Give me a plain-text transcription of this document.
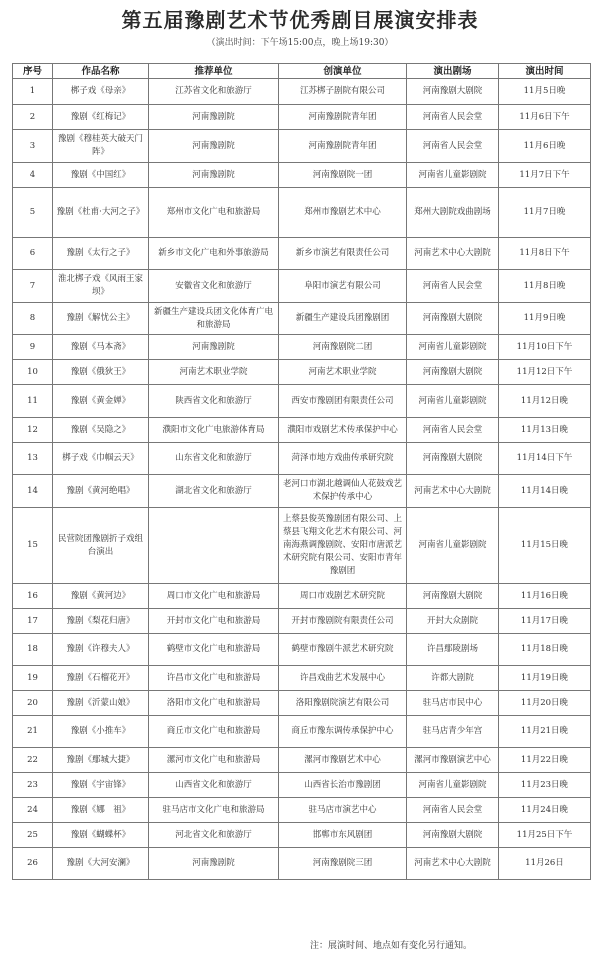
第五届豫剧艺术节优秀剧目展演安排表
（演出时间：下午场15:00点，晚上场19:30）
序号	作品名称	推荐单位	创演单位	演出剧场	演出时间
1	梆子戏《母亲》	江苏省文化和旅游厅	江苏梆子剧院有限公司	河南豫剧大剧院	11月5日晚
2	豫剧《红梅记》	河南豫剧院	河南豫剧院青年团	河南省人民会堂	11月6日下午
3	豫剧《穆桂英大破天门阵》	河南豫剧院	河南豫剧院青年团	河南省人民会堂	11月6日晚
4	豫剧《中国红》	河南豫剧院	河南豫剧院一团	河南省儿童影剧院	11月7日下午
5	豫剧《杜甫·大河之子》	郑州市文化广电和旅游局	郑州市豫剧艺术中心	郑州大剧院戏曲剧场	11月7日晚
6	豫剧《太行之子》	新乡市文化广电和外事旅游局	新乡市演艺有限责任公司	河南艺术中心大剧院	11月8日下午
7	淮北梆子戏《风雨王家坝》	安徽省文化和旅游厅	阜阳市演艺有限公司	河南省人民会堂	11月8日晚
8	豫剧《解忧公主》	新疆生产建设兵团文化体育广电和旅游局	新疆生产建设兵团豫剧团	河南豫剧大剧院	11月9日晚
9	豫剧《马本斋》	河南豫剧院	河南豫剧院二团	河南省儿童影剧院	11月10日下午
10	豫剧《俄狄王》	河南艺术职业学院	河南艺术职业学院	河南豫剧大剧院	11月12日下午
11	豫剧《黄金婵》	陕西省文化和旅游厅	西安市豫剧团有限责任公司	河南省儿童影剧院	11月12日晚
12	豫剧《吴隐之》	濮阳市文化广电旅游体育局	濮阳市戏剧艺术传承保护中心	河南省人民会堂	11月13日晚
13	梆子戏《巾帼云天》	山东省文化和旅游厅	菏泽市地方戏曲传承研究院	河南豫剧大剧院	11月14日下午
14	豫剧《黄河绝唱》	湖北省文化和旅游厅	老河口市湖北越调仙人花鼓戏艺术保护传承中心	河南艺术中心大剧院	11月14日晚
15	民营院团豫剧折子戏组台演出		上蔡县俊英豫剧团有限公司、上蔡县飞翔文化艺术有限公司、河南海燕调豫剧院、安阳市唐派艺术研究院有限公司、安阳市青年豫剧团	河南省儿童影剧院	11月15日晚
16	豫剧《黄河边》	周口市文化广电和旅游局	周口市戏剧艺术研究院	河南豫剧大剧院	11月16日晚
17	豫剧《梨花归唐》	开封市文化广电和旅游局	开封市豫剧院有限责任公司	开封大众剧院	11月17日晚
18	豫剧《许穆夫人》	鹤壁市文化广电和旅游局	鹤壁市豫剧牛派艺术研究院	许昌鄢陵剧场	11月18日晚
19	豫剧《石榴花开》	许昌市文化广电和旅游局	许昌戏曲艺术发展中心	许都大剧院	11月19日晚
20	豫剧《沂蒙山娘》	洛阳市文化广电和旅游局	洛阳豫剧院演艺有限公司	驻马店市民中心	11月20日晚
21	豫剧《小推车》	商丘市文化广电和旅游局	商丘市豫东调传承保护中心	驻马店青少年宫	11月21日晚
22	豫剧《鄢城大捷》	漯河市文化广电和旅游局	漯河市豫剧艺术中心	漯河市豫剧演艺中心	11月22日晚
23	豫剧《宇宙锋》	山西省文化和旅游厅	山西省长治市豫剧团	河南省儿童影剧院	11月23日晚
24	豫剧《娜　祖》	驻马店市文化广电和旅游局	驻马店市演艺中心	河南省人民会堂	11月24日晚
25	豫剧《蝴蝶杯》	河北省文化和旅游厅	邯郸市东风剧团	河南豫剧大剧院	11月25日下午
26	豫剧《大河安澜》	河南豫剧院	河南豫剧院三团	河南艺术中心大剧院	11月26日
注：展演时间、地点如有变化另行通知。
